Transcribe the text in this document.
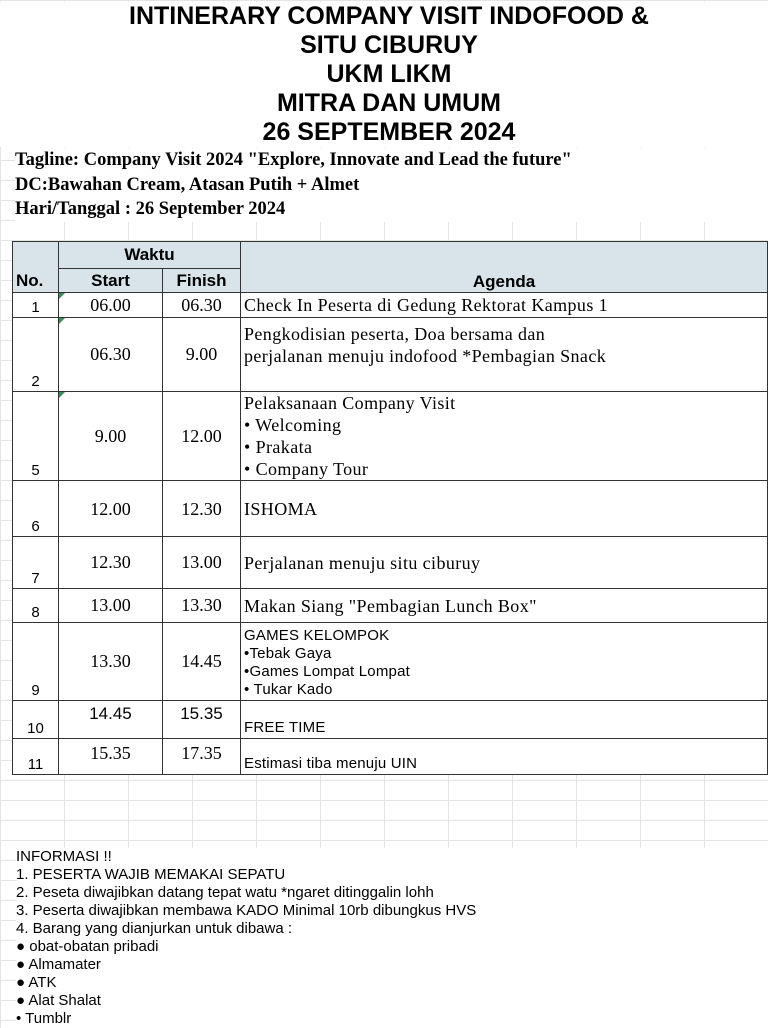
INTINERARY COMPANY VISIT INDOFOOD &
SITU CIBURUY
UKM LIKM
MITRA DAN UMUM
26 SEPTEMBER 2024
Tagline: Company Visit 2024 "Explore, Innovate and Lead the future"
DC:Bawahan Cream, Atasan Putih + Almet
Hari/Tanggal : 26 September 2024
No.	Waktu		Agenda
	Start	Finish	
1	06.00	06.30	Check In Peserta di Gedung Rektorat Kampus 1

2	06.30	9.00	Pengkodisian peserta, Doa bersama dan
perjalanan menuju indofood *Pembagian Snack

5	9.00	12.00	Pelaksanaan Company Visit
• Welcoming
• Prakata
• Company Tour

6	12.00	12.30	ISHOMA

7	12.30	13.00	Perjalanan menuju situ ciburuy

8	13.00	13.30	Makan Siang "Pembagian Lunch Box"

9	13.30	14.45	GAMES KELOMPOK
•Tebak Gaya
•Games Lompat Lompat
• Tukar Kado

10	14.45	15.35	FREE TIME

11	15.35	17.35	Estimasi tiba menuju UIN
INFORMASI !!
1. PESERTA WAJIB MEMAKAI SEPATU
2. Peseta diwajibkan datang tepat watu *ngaret ditinggalin lohh
3. Peserta diwajibkan membawa KADO Minimal 10rb dibungkus HVS
4. Barang yang dianjurkan untuk dibawa :
● obat-obatan pribadi
● Almamater
● ATK
● Alat Shalat
• Tumblr
